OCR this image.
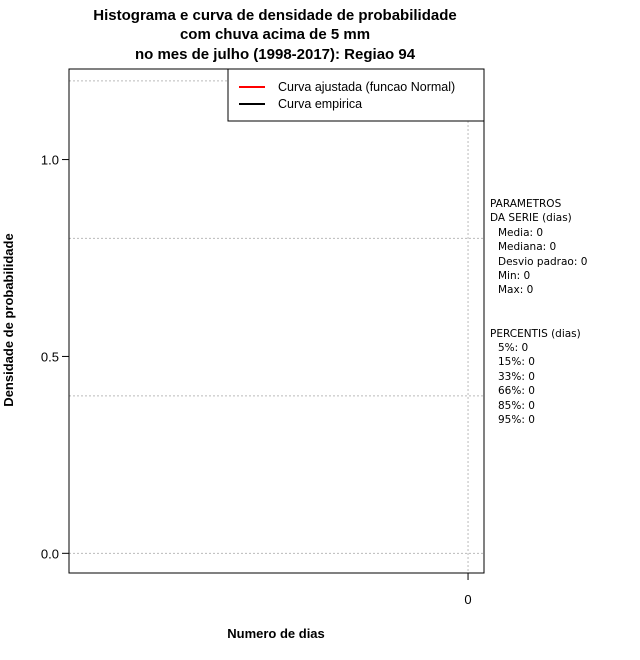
Histograma e curva de densidade de probabilidade
com chuva acima de 5 mm
no mes de julho (1998-2017): Regiao 94
0.0
0.5
1.0
0
Numero de dias
Densidade de probabilidade
Curva ajustada (funcao Normal)
Curva empirica
PARAMETROS
DA SERIE (dias)
Media: 0
Mediana: 0
Desvio padrao: 0
Min: 0
Max: 0
PERCENTIS (dias)
5%: 0
15%: 0
33%: 0
66%: 0
85%: 0
95%: 0
